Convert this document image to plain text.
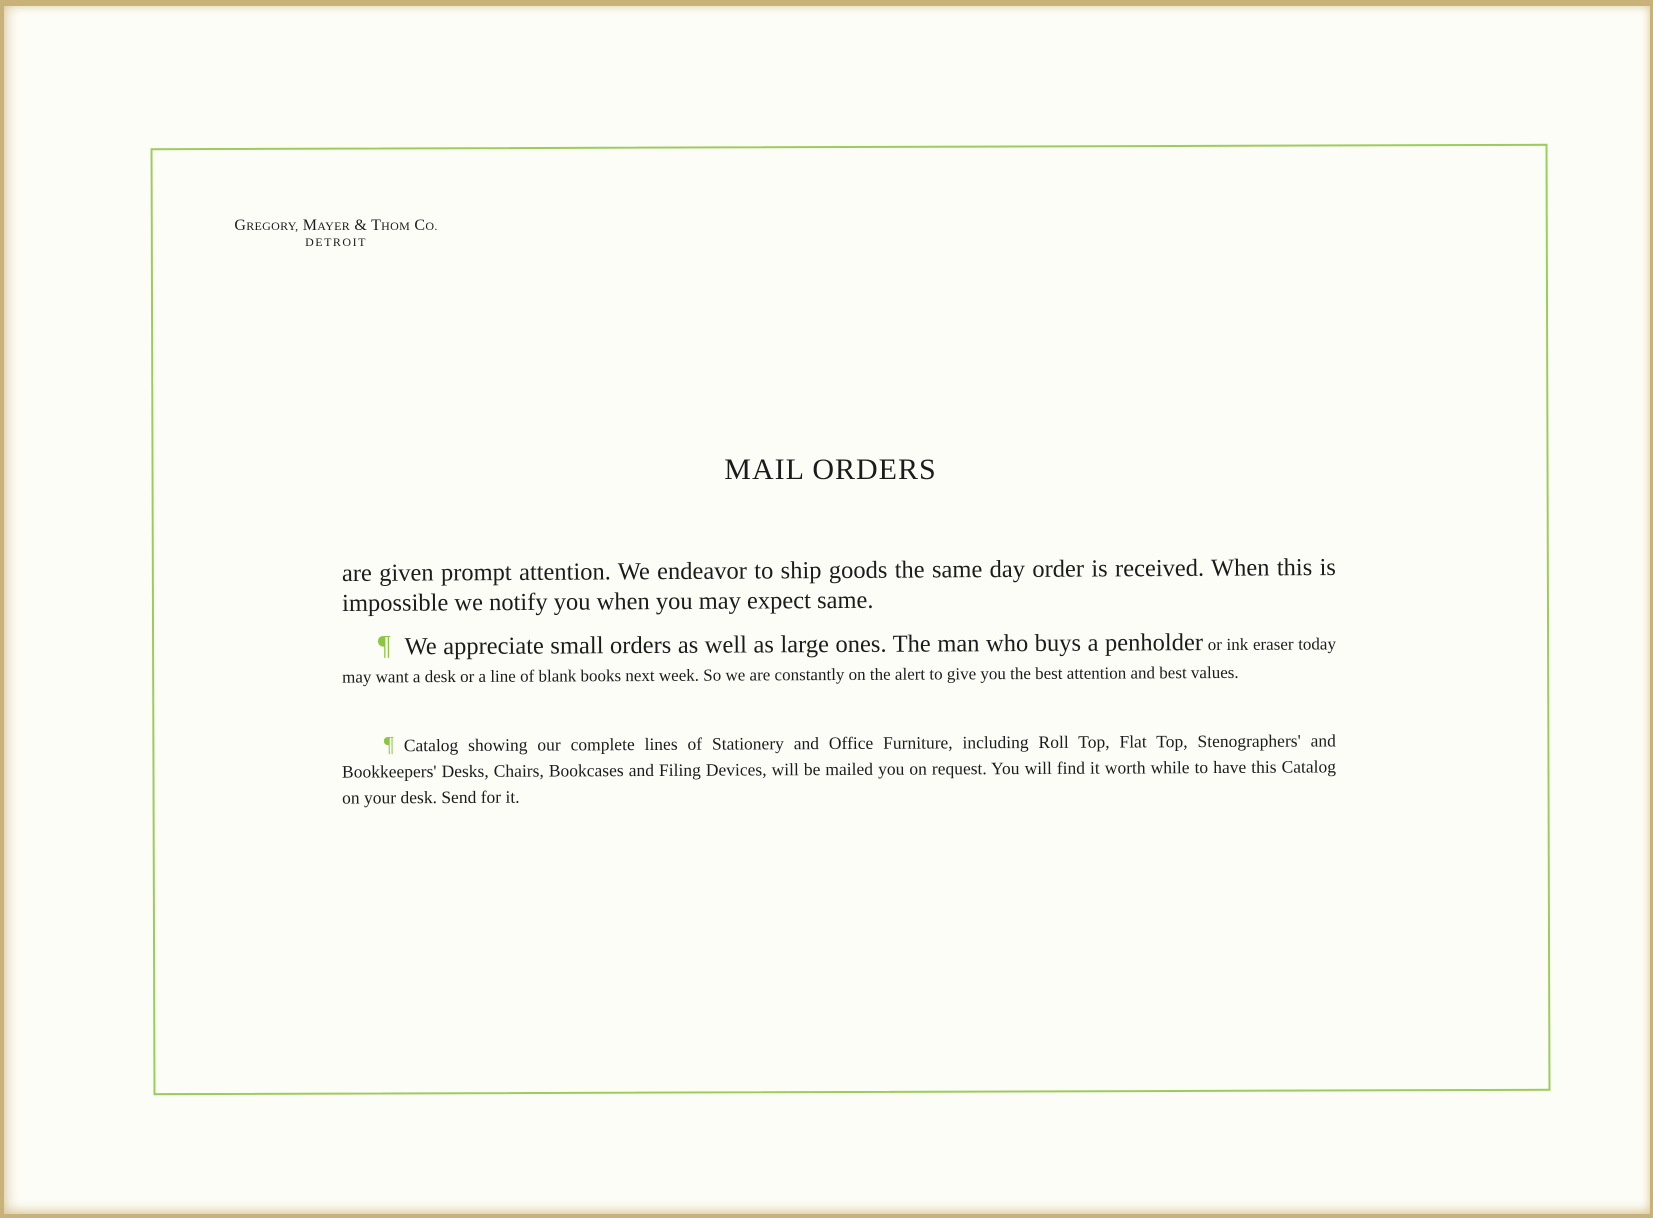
GREGORY, MAYER & THOM CO.
DETROIT
MAIL ORDERS

are given prompt attention. We endeavor to ship goods the same day order is received. When this is impossible we notify you when you may expect same.

¶ We appreciate small orders as well as large ones. The man who buys a penholder or ink eraser today may want a desk or a line of blank books next week. So we are constantly on the alert to give you the best attention and best values.

¶ Catalog showing our complete lines of Stationery and Office Furniture, including Roll Top, Flat Top, Stenographers' and Bookkeepers' Desks, Chairs, Bookcases and Filing Devices, will be mailed you on request. You will find it worth while to have this Catalog on your desk. Send for it.
